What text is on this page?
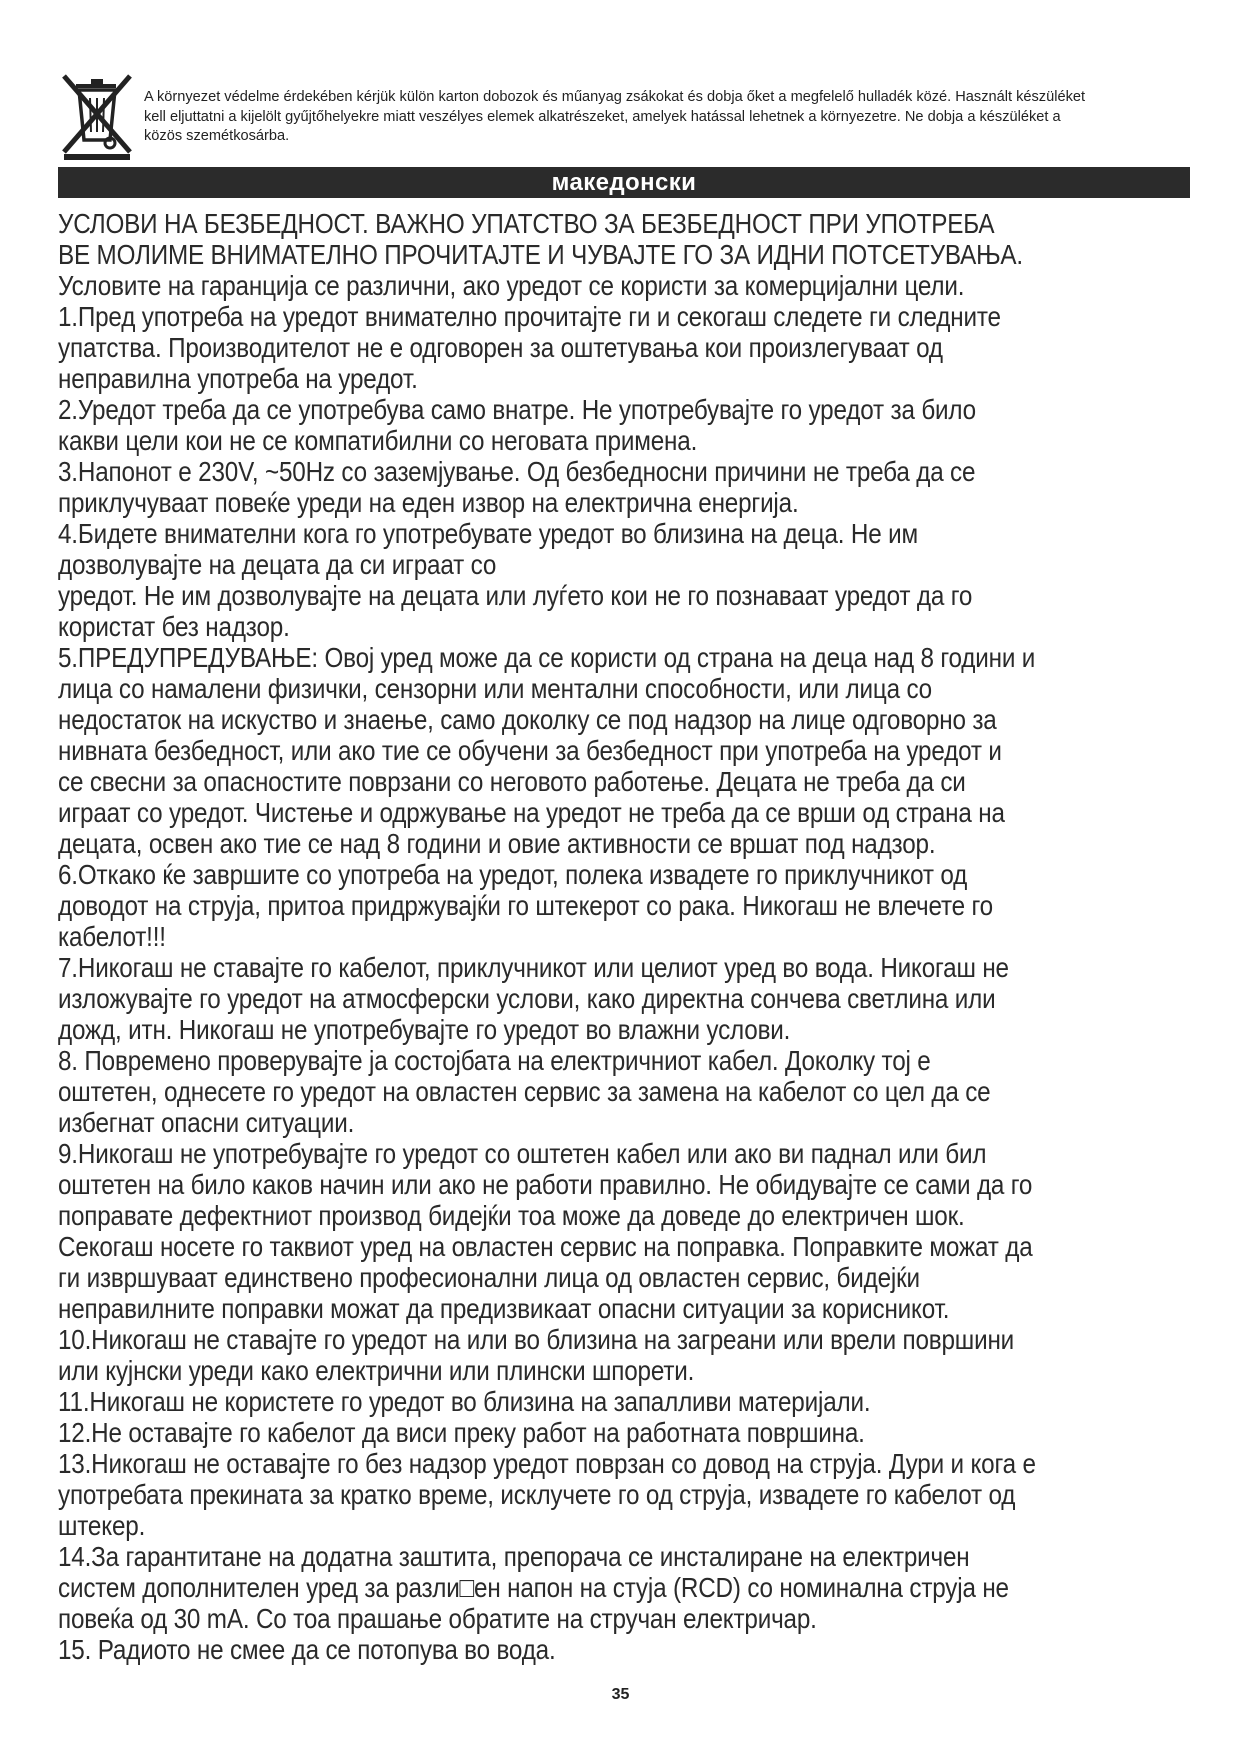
A környezet védelme érdekében kérjük külön karton dobozok és műanyag zsákokat és dobja őket a megfelelő hulladék közé. Használt készüléket
kell eljuttatni a kijelölt gyűjtőhelyekre miatt veszélyes elemek alkatrészeket, amelyek hatással lehetnek a környezetre. Ne dobja a készüléket a
közös szemétkosárba.
македонски
УСЛОВИ НА БЕЗБЕДНОСТ. ВАЖНО УПАТСТВО ЗА БЕЗБЕДНОСТ ПРИ УПОТРЕБА
ВЕ МОЛИМЕ ВНИМАТЕЛНО ПРОЧИТАЈТЕ И ЧУВАЈТЕ ГО ЗА ИДНИ ПОТСЕТУВАЊА.
Условите на гаранција се различни, ако уредот се користи за комерцијални цели.
1.Пред употреба на уредот внимателно прочитајте ги и секогаш следете ги следните
упатства. Производителот не е одговорен за оштетувања кои произлегуваат од
неправилна употреба на уредот.
2.Уредот треба да се употребува само внатре. Не употребувајте го уредот за било
какви цели кои не се компатибилни со неговата примена.
3.Напонот е 230V, ~50Hz со заземјување. Од безбедносни причини не треба да се
приклучуваат повеќе уреди на еден извор на електрична енергија.
4.Бидете внимателни кога го употребувате уредот во близина на деца. Не им
дозволувајте на децата да си играат со
уредот. Не им дозволувајте на децата или луѓето кои не го познаваат уредот да го
користат без надзор.
5.ПРЕДУПРЕДУВАЊЕ: Овој уред може да се користи од страна на деца над 8 години и
лица со намалени физички, сензорни или ментални способности, или лица со
недостаток на искуство и знаење, само доколку се под надзор на лице одговорно за
нивната безбедност, или ако тие се обучени за безбедност при употреба на уредот и
се свесни за опасностите поврзани со неговото работење. Децата не треба да си
играат со уредот. Чистење и одржување на уредот не треба да се врши од страна на
децата, освен ако тие се над 8 години и овие активности се вршат под надзор.
6.Откако ќе завршите со употреба на уредот, полека извадете го приклучникот од
доводот на струја, притоа придржувајќи го штекерот со рака. Никогаш не влечете го
кабелот!!!
7.Никогаш не ставајте го кабелот, приклучникот или целиот уред во вода. Никогаш не
изложувајте го уредот на атмосферски услови, како директна сончева светлина или
дожд, итн. Никогаш не употребувајте го уредот во влажни услови.
8. Повремено проверувајте ја состојбата на електричниот кабел. Доколку тој е
оштетен, однесете го уредот на овластен сервис за замена на кабелот со цел да се
избегнат опасни ситуации.
9.Никогаш не употребувајте го уредот со оштетен кабел или ако ви паднал или бил
оштетен на било каков начин или ако не работи правилно. Не обидувајте се сами да го
поправате дефектниот производ бидејќи тоа може да доведе до електричен шок.
Секогаш носете го таквиот уред на овластен сервис на поправка. Поправките можат да
ги извршуваат единствено професионални лица од овластен сервис, бидејќи
неправилните поправки можат да предизвикаат опасни ситуации за корисникот.
10.Никогаш не ставајте го уредот на или во близина на загреани или врели површини
или кујнски уреди како електрични или плински шпорети.
11.Никогаш не користете го уредот во близина на запалливи материјали.
12.Не оставајте го кабелот да виси преку работ на работната површина.
13.Никогаш не оставајте го без надзор уредот поврзан со довод на струја. Дури и кога е
употребата прекината за кратко време, исклучете го од струја, извадете го кабелот од
штекер.
14.За гарантитане на додатна заштита, препорача се инсталиране на електричен
систем дополнителен уред за разли□ен напон на стуја (RCD) со номинална струја не
повеќа од 30 mA. Со тоа прашање обратите на стручан електричар.
15. Радиото не смее да се потопува во вода.
35
